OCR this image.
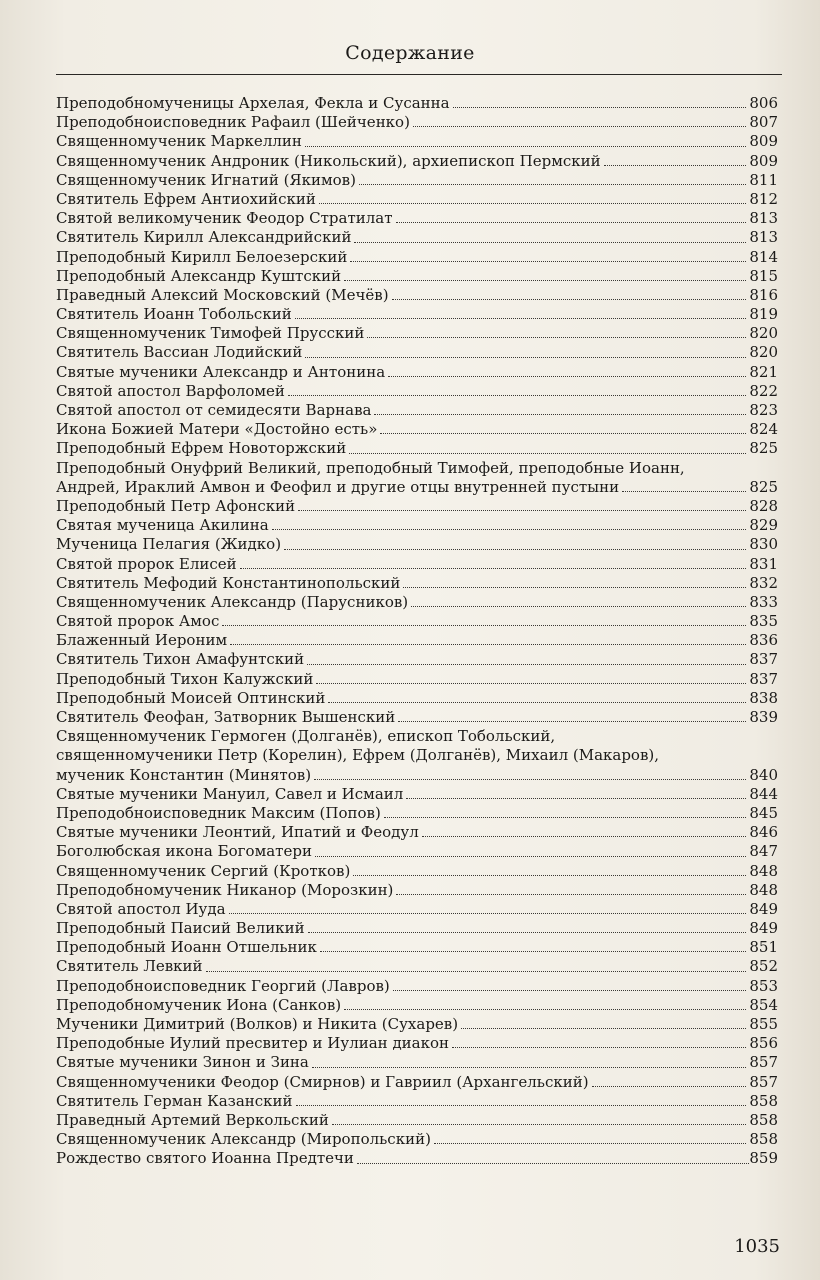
Содержание
Преподобномученицы Архелая, Фекла и Сусанна	806
Преподобноисповедник Рафаил (Шейченко)	807
Священномученик Маркеллин	809
Священномученик Андроник (Никольский), архиепископ Пермский	809
Священномученик Игнатий (Якимов)	811
Святитель Ефрем Антиохийский	812
Святой великомученик Феодор Стратилат	813
Святитель Кирилл Александрийский	813
Преподобный Кирилл Белоезерский	814
Преподобный Александр Куштский	815
Праведный Алексий Московский (Мечёв)	816
Святитель Иоанн Тобольский	819
Священномученик Тимофей Прусский	820
Святитель Вассиан Лодийский	820
Святые мученики Александр и Антонина	821
Святой апостол Варфоломей	822
Святой апостол от семидесяти Варнава	823
Икона Божией Матери «Достойно есть»	824
Преподобный Ефрем Новоторжский	825
Преподобный Онуфрий Великий, преподобный Тимофей, преподобные Иоанн,
Андрей, Ираклий Амвон и Феофил и другие отцы внутренней пустыни	825
Преподобный Петр Афонский	828
Святая мученица Акилина	829
Мученица Пелагия (Жидко)	830
Святой пророк Елисей	831
Святитель Мефодий Константинопольский	832
Священномученик Александр (Парусников)	833
Святой пророк Амос	835
Блаженный Иероним	836
Святитель Тихон Амафунтский	837
Преподобный Тихон Калужский	837
Преподобный Моисей Оптинский	838
Святитель Феофан, Затворник Вышенский	839
Священномученик Гермоген (Долганёв), епископ Тобольский,
священномученики Петр (Корелин), Ефрем (Долганёв), Михаил (Макаров),
мученик Константин (Минятов)	840
Святые мученики Мануил, Савел и Исмаил	844
Преподобноисповедник Максим (Попов)	845
Святые мученики Леонтий, Ипатий и Феодул	846
Боголюбская икона Богоматери	847
Священномученик Сергий (Кротков)	848
Преподобномученик Никанор (Морозкин)	848
Святой апостол Иуда	849
Преподобный Паисий Великий	849
Преподобный Иоанн Отшельник	851
Святитель Левкий	852
Преподобноисповедник Георгий (Лавров)	853
Преподобномученик Иона (Санков)	854
Мученики Димитрий (Волков) и Никита (Сухарев)	855
Преподобные Иулий пресвитер и Иулиан диакон	856
Святые мученики Зинон и Зина	857
Священномученики Феодор (Смирнов) и Гавриил (Архангельский)	857
Святитель Герман Казанский	858
Праведный Артемий Веркольский	858
Священномученик Александр (Миропольский)	858
Рождество святого Иоанна Предтечи	859
1035
